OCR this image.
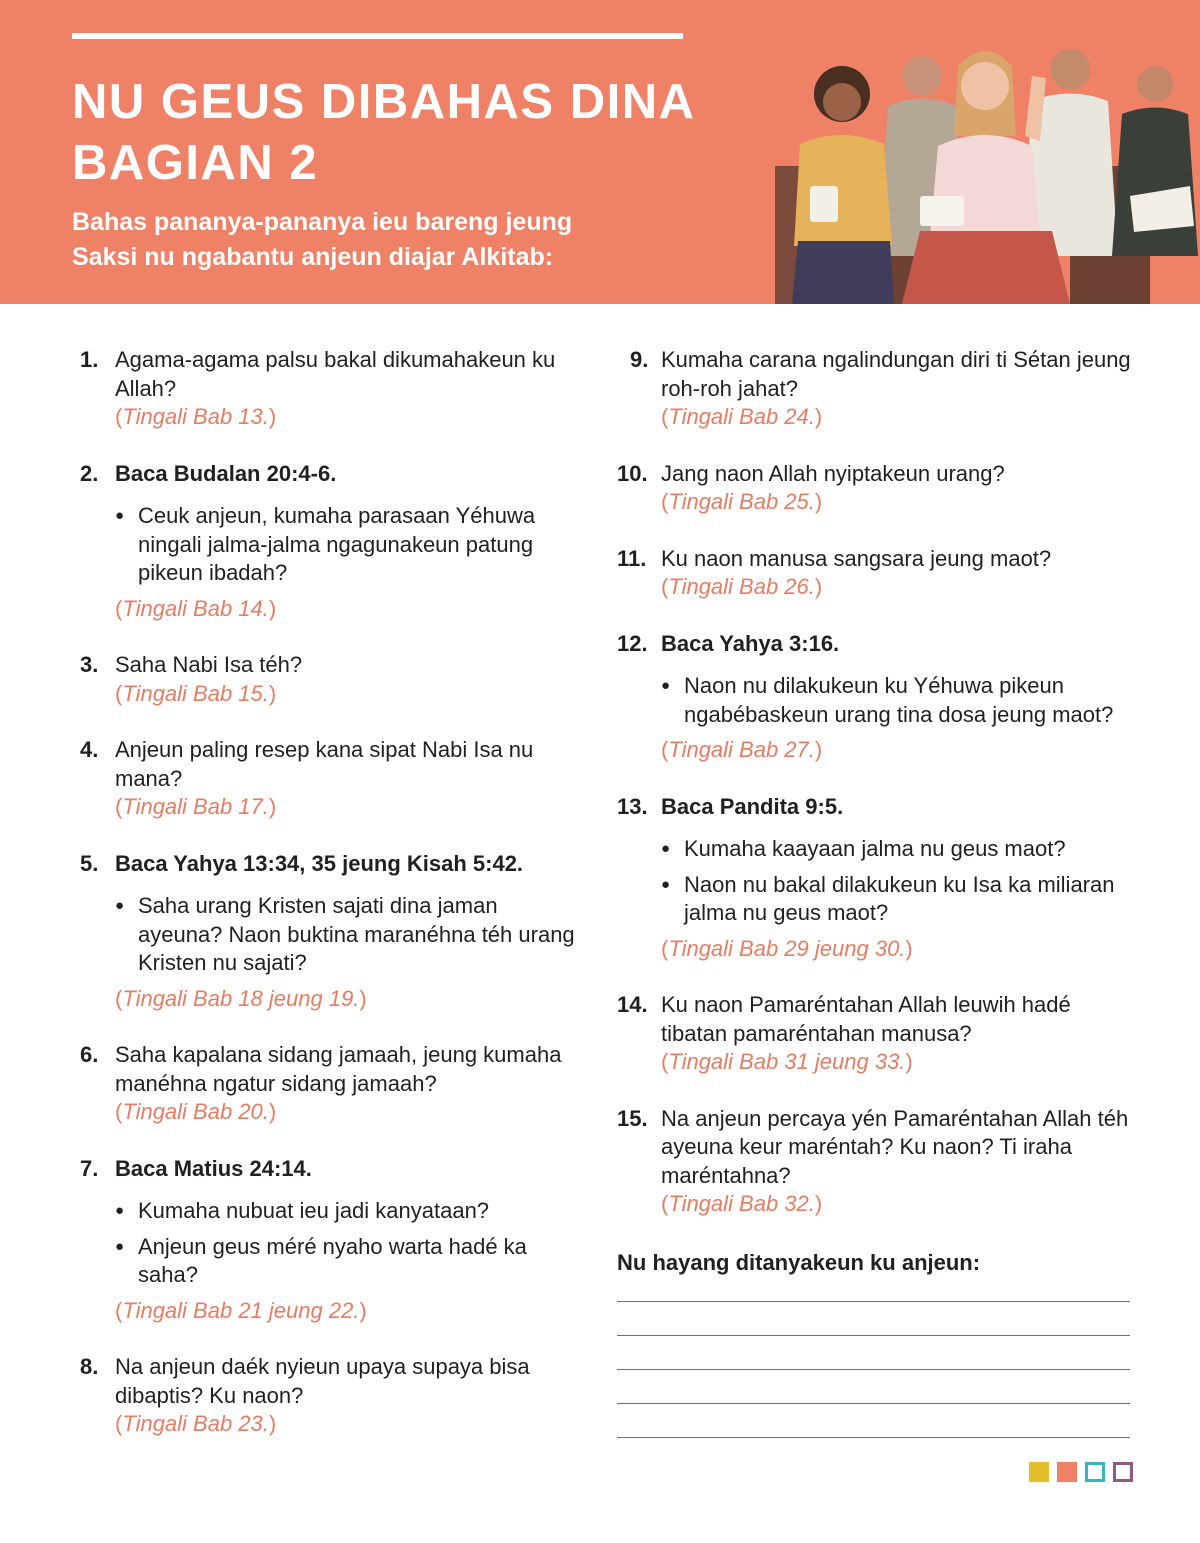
NU GEUS DIBAHAS DINA
BAGIAN 2

Bahas pananya-pananya ieu bareng jeung
Saksi nu ngabantu anjeun diajar Alkitab:

1. Agama-agama palsu bakal dikumahakeun ku Allah?
(Tingali Bab 13.)
2. Baca Budalan 20:4-6.
● Ceuk anjeun, kumaha parasaan Yéhuwa ningali jalma-jalma ngagunakeun patung pikeun ibadah?
(Tingali Bab 14.)
3. Saha Nabi Isa téh?
(Tingali Bab 15.)
4. Anjeun paling resep kana sipat Nabi Isa nu mana?
(Tingali Bab 17.)
5. Baca Yahya 13:34, 35 jeung Kisah 5:42.
● Saha urang Kristen sajati dina jaman ayeuna? Naon buktina maranéhna téh urang Kristen nu sajati?
(Tingali Bab 18 jeung 19.)
6. Saha kapalana sidang jamaah, jeung kumaha manéhna ngatur sidang jamaah?
(Tingali Bab 20.)
7. Baca Matius 24:14.
● Kumaha nubuat ieu jadi kanyataan?
● Anjeun geus méré nyaho warta hadé ka saha?
(Tingali Bab 21 jeung 22.)
8. Na anjeun daék nyieun upaya supaya bisa dibaptis? Ku naon?
(Tingali Bab 23.)
9. Kumaha carana ngalindungan diri ti Sétan jeung roh-roh jahat?
(Tingali Bab 24.)
10. Jang naon Allah nyiptakeun urang?
(Tingali Bab 25.)
11. Ku naon manusa sangsara jeung maot?
(Tingali Bab 26.)
12. Baca Yahya 3:16.
● Naon nu dilakukeun ku Yéhuwa pikeun ngabébaskeun urang tina dosa jeung maot?
(Tingali Bab 27.)
13. Baca Pandita 9:5.
● Kumaha kaayaan jalma nu geus maot?
● Naon nu bakal dilakukeun ku Isa ka miliaran jalma nu geus maot?
(Tingali Bab 29 jeung 30.)
14. Ku naon Pamaréntahan Allah leuwih hadé tibatan pamaréntahan manusa?
(Tingali Bab 31 jeung 33.)
15. Na anjeun percaya yén Pamaréntahan Allah téh ayeuna keur maréntah? Ku naon? Ti iraha maréntahna?
(Tingali Bab 32.)

Nu hayang ditanyakeun ku anjeun:
